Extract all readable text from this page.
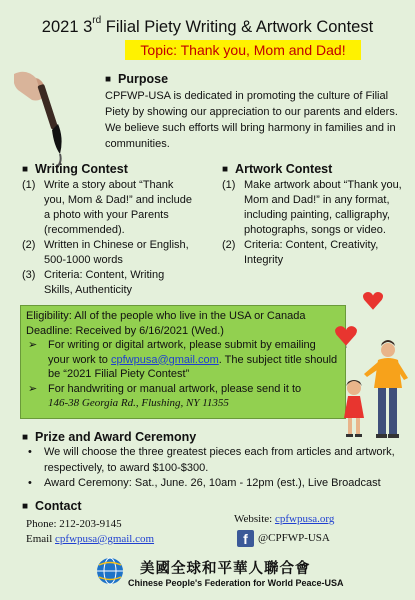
2021 3rd Filial Piety Writing & Artwork Contest
Topic: Thank you, Mom and Dad!
■ Purpose
CPFWP-USA is dedicated in promoting the culture of Filial Piety by showing our appreciation to our parents and elders. We believe such efforts will bring harmony in families and in communities.
■ Writing Contest
(1) Write a story about “Thank you, Mom & Dad!” and include a photo with your Parents (recommended).
(2) Written in Chinese or English, 500-1000 words
(3) Criteria: Content, Writing Skills, Authenticity
■ Artwork Contest
(1) Make artwork about “Thank you, Mom and Dad!” in any format, including painting, calligraphy, photographs, songs or video.
(2) Criteria: Content, Creativity, Integrity
Eligibility: All of the people who live in the USA or Canada
Deadline: Received by 6/16/2021 (Wed.)
➢ For writing or digital artwork, please submit by emailing your work to cpfwpusa@gmail.com. The subject title should be “2021 Filial Piety Contest”
➢ For handwriting or manual artwork, please send it to
146-38 Georgia Rd., Flushing, NY 11355
■ Prize and Award Ceremony
• We will choose the three greatest pieces each from articles and artwork, respectively, to award $100-$300.
• Award Ceremony: Sat., June. 26, 10am - 12pm (est.), Live Broadcast
■ Contact
Phone: 212-203-9145
Email cpfwpusa@gmail.com
Website: cpfwpusa.org
f @CPFWP-USA
美國全球和平華人聯合會
Chinese People's Federation for World Peace-USA
